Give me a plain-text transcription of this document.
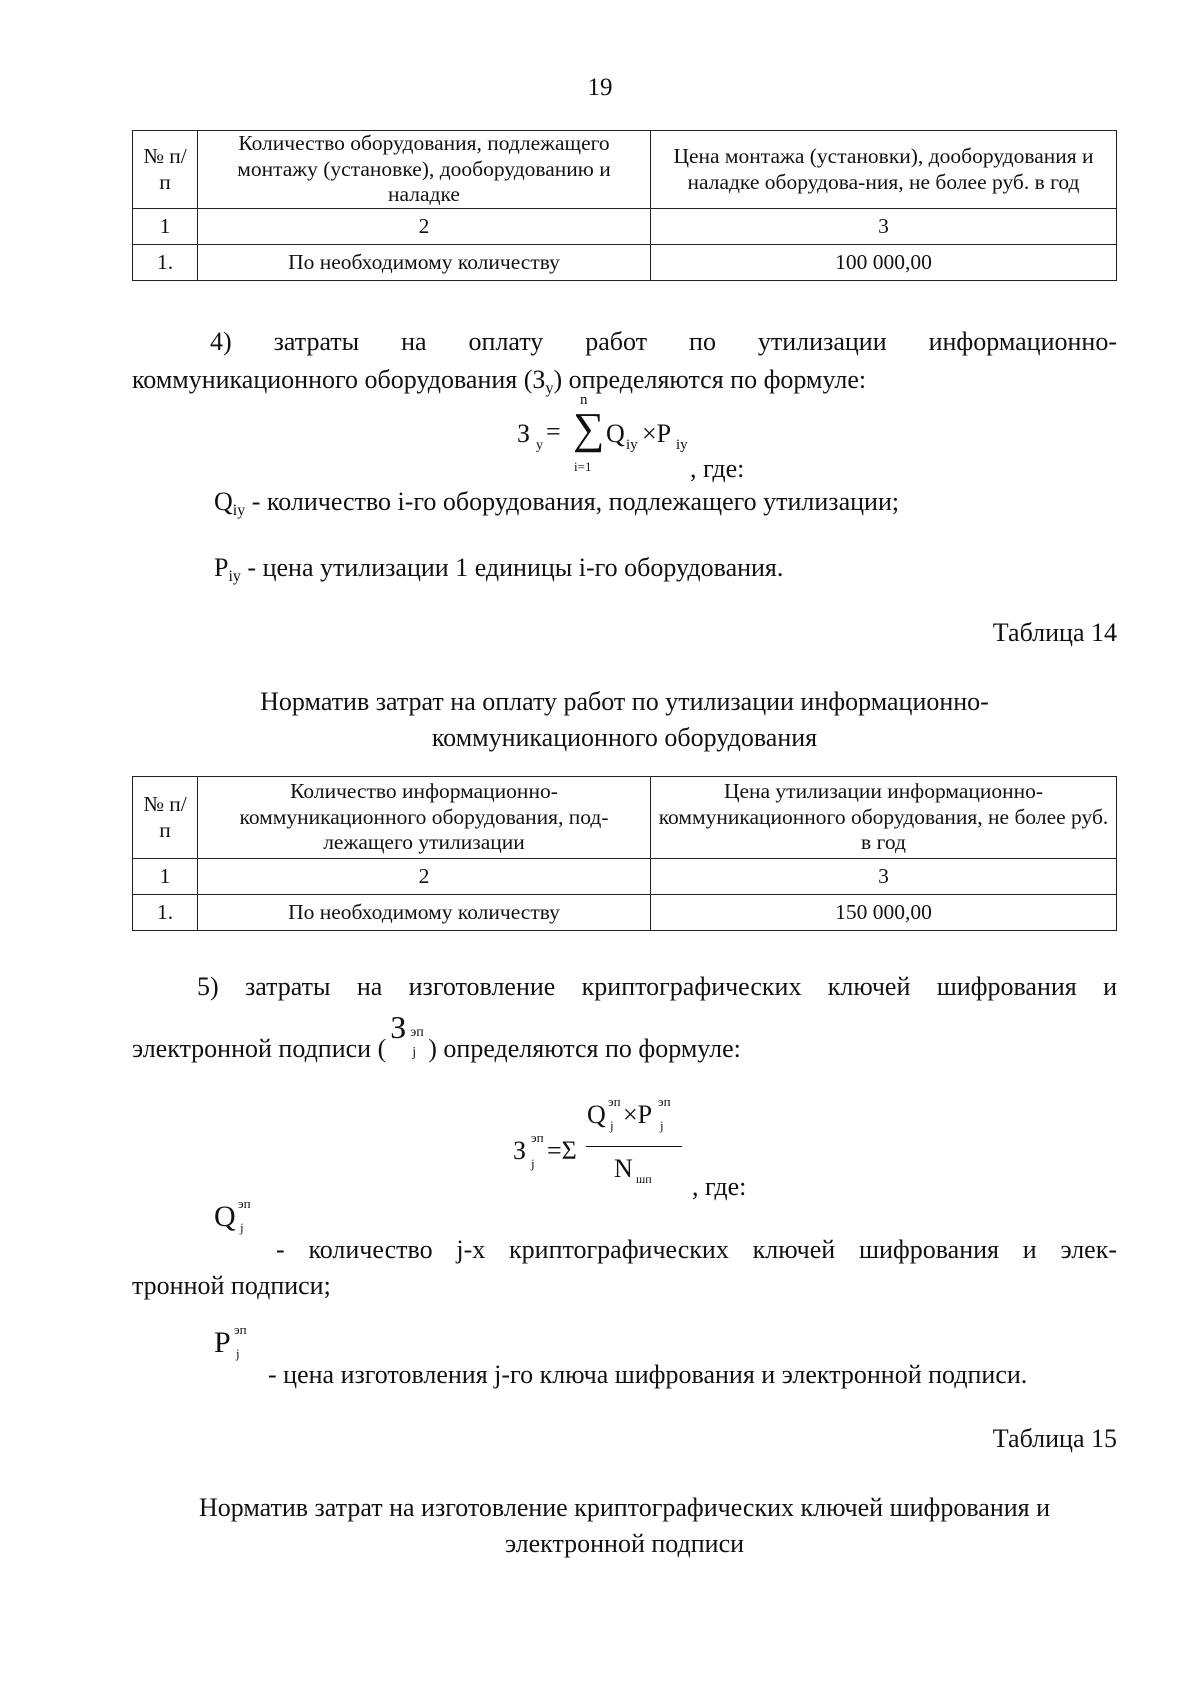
19
№ п/п	Количество оборудования, подлежащего монтажу (установке), дооборудованию и наладке	Цена монтажа (установки), дооборудования и наладке оборудова-ния, не более руб. в год
1	2	3
1.	По необходимому количеству	100 000,00
4) затраты на оплату работ по утилизации информационно-
коммуникационного оборудования $(З_у)$ определяются по формуле:
З у = ∑
n
i=1
Q iy ×P iy
, где:
$Q_{iy}$ - количество i-го оборудования, подлежащего утилизации;
$P_{iy}$ - цена утилизации 1 единицы i-го оборудования.
Таблица 14
Норматив затрат на оплату работ по утилизации информационно-
коммуникационного оборудования
№ п/п	Количество информационно-коммуникационного оборудования, под-лежащего утилизации	Цена утилизации информационно-коммуникационного оборудования, не более руб. в год
1	2	3
1.	По необходимому количеству	150 000,00
5) затраты на изготовление криптографических ключей шифрования и
электронной подписи (
З эп
j ) определяются по формуле:
З эп
j =Σ
Q эп
j ×P эп
j
N шп , где:
Q эп
j
- количество j-х криптографических ключей шифрования и элек-
тронной подписи;
P эп
j
- цена изготовления j-го ключа шифрования и электронной подписи.
Таблица 15
Норматив затрат на изготовление криптографических ключей шифрования и
электронной подписи
